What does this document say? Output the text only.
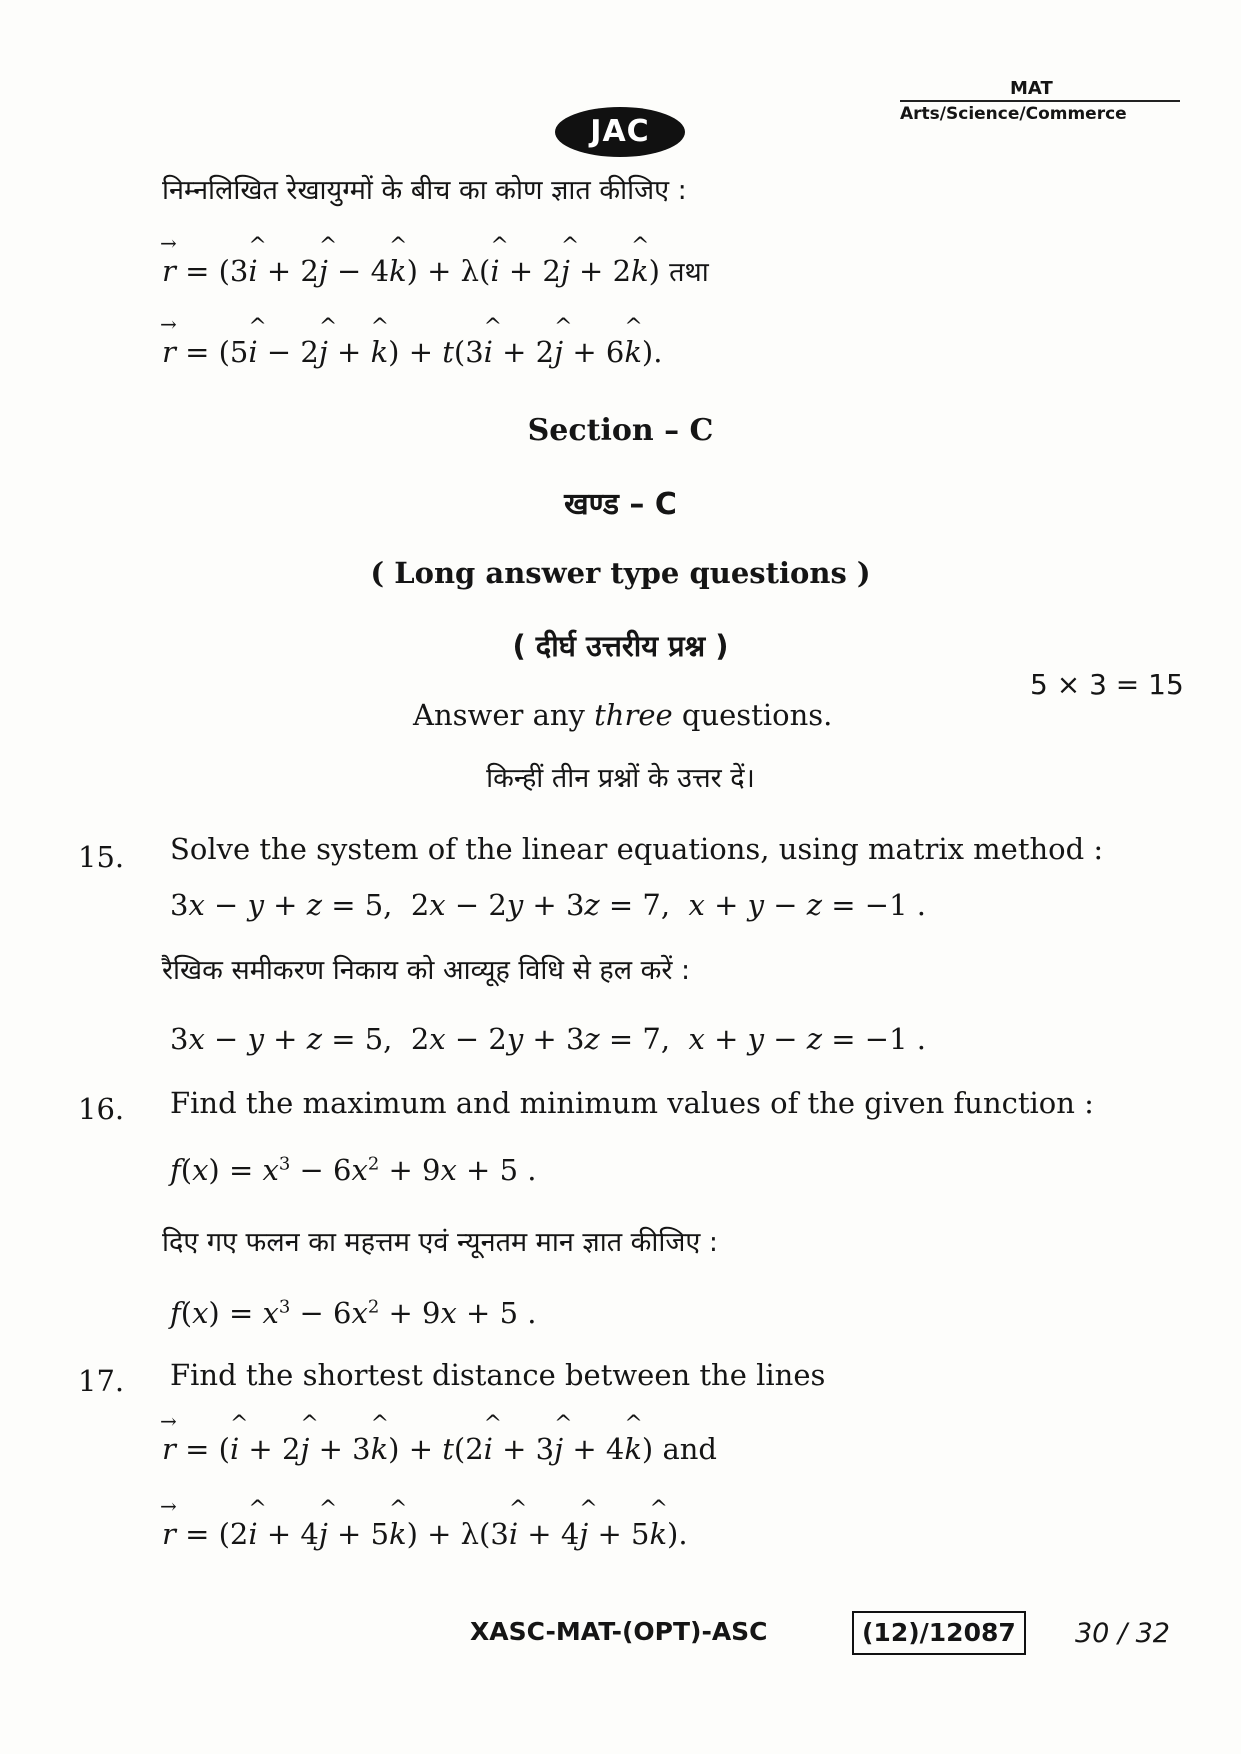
JAC
MAT
Arts/Science/Commerce
निम्नलिखित रेखायुग्मों के बीच का कोण ज्ञात कीजिए :
→ r = (3^ i + 2^ j − 4^ k) + λ(^ i + 2^ j + 2^ k) तथा
→ r = (5^ i − 2^ j + ^ k) + t(3^ i + 2^ j + 6^ k).
Section – C
खण्ड – C
( Long answer type questions )
( दीर्घ उत्तरीय प्रश्न )
Answer any three questions.
5 × 3 = 15
किन्हीं तीन प्रश्नों के उत्तर दें।
15. Solve the system of the linear equations, using matrix method :
3x − y + z = 5,  2x − 2y + 3z = 7,  x + y − z = −1 .
रैखिक समीकरण निकाय को आव्यूह विधि से हल करें :
3x − y + z = 5,  2x − 2y + 3z = 7,  x + y − z = −1 .
16. Find the maximum and minimum values of the given function :
$f(x) = x^3 - 6x^2 + 9x + 5$ .
दिए गए फलन का महत्तम एवं न्यूनतम मान ज्ञात कीजिए :
$f(x) = x^3 - 6x^2 + 9x + 5$ .
17. Find the shortest distance between the lines
→ r = (^ i + 2^ j + 3^ k) + t(2^ i + 3^ j + 4^ k) and
→ r = (2^ i + 4^ j + 5^ k) + λ(3^ i + 4^ j + 5^ k).
XASC-MAT-(OPT)-ASC	(12)/12087	30 / 32
